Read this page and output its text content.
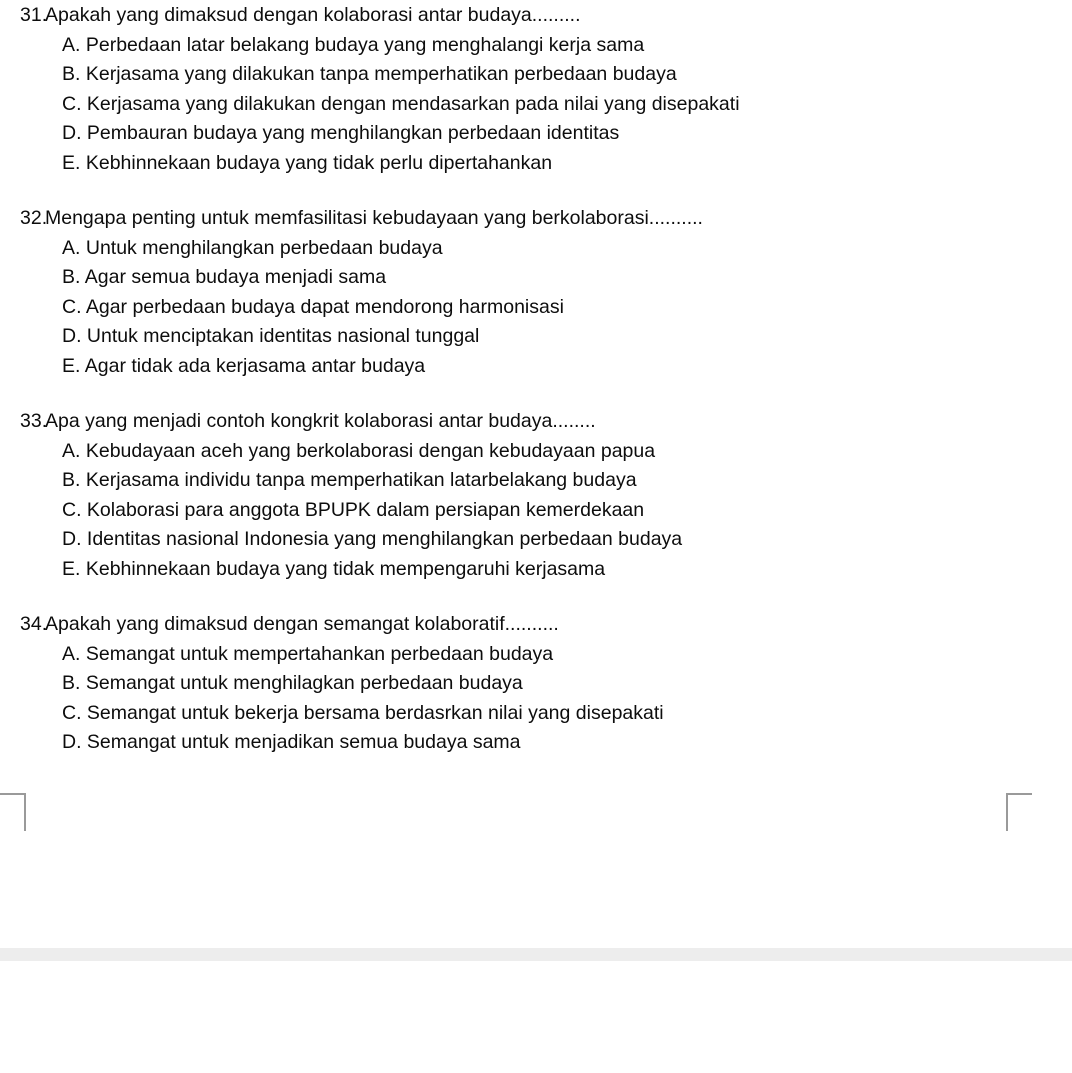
31.
Apakah yang dimaksud dengan kolaborasi antar budaya.........
A. Perbedaan latar belakang budaya yang menghalangi kerja sama
B. Kerjasama yang dilakukan tanpa memperhatikan perbedaan budaya
C. Kerjasama yang dilakukan dengan mendasarkan pada nilai yang disepakati
D. Pembauran budaya yang menghilangkan perbedaan identitas
E. Kebhinnekaan budaya yang tidak perlu dipertahankan
32.
Mengapa penting untuk memfasilitasi kebudayaan yang berkolaborasi..........
A. Untuk menghilangkan perbedaan budaya
B. Agar semua budaya menjadi sama
C. Agar perbedaan budaya dapat mendorong harmonisasi
D. Untuk menciptakan identitas nasional tunggal
E. Agar tidak ada kerjasama antar budaya
33.
Apa yang menjadi contoh kongkrit kolaborasi antar budaya........
A. Kebudayaan aceh yang berkolaborasi dengan kebudayaan papua
B. Kerjasama individu tanpa memperhatikan latarbelakang budaya
C. Kolaborasi para anggota BPUPK dalam persiapan kemerdekaan
D. Identitas nasional Indonesia yang menghilangkan perbedaan budaya
E. Kebhinnekaan budaya yang tidak mempengaruhi kerjasama
34.
Apakah yang dimaksud dengan semangat kolaboratif..........
A. Semangat untuk mempertahankan perbedaan budaya
B. Semangat untuk menghilagkan perbedaan budaya
C. Semangat untuk bekerja bersama berdasrkan nilai yang disepakati
D. Semangat untuk menjadikan semua budaya sama
